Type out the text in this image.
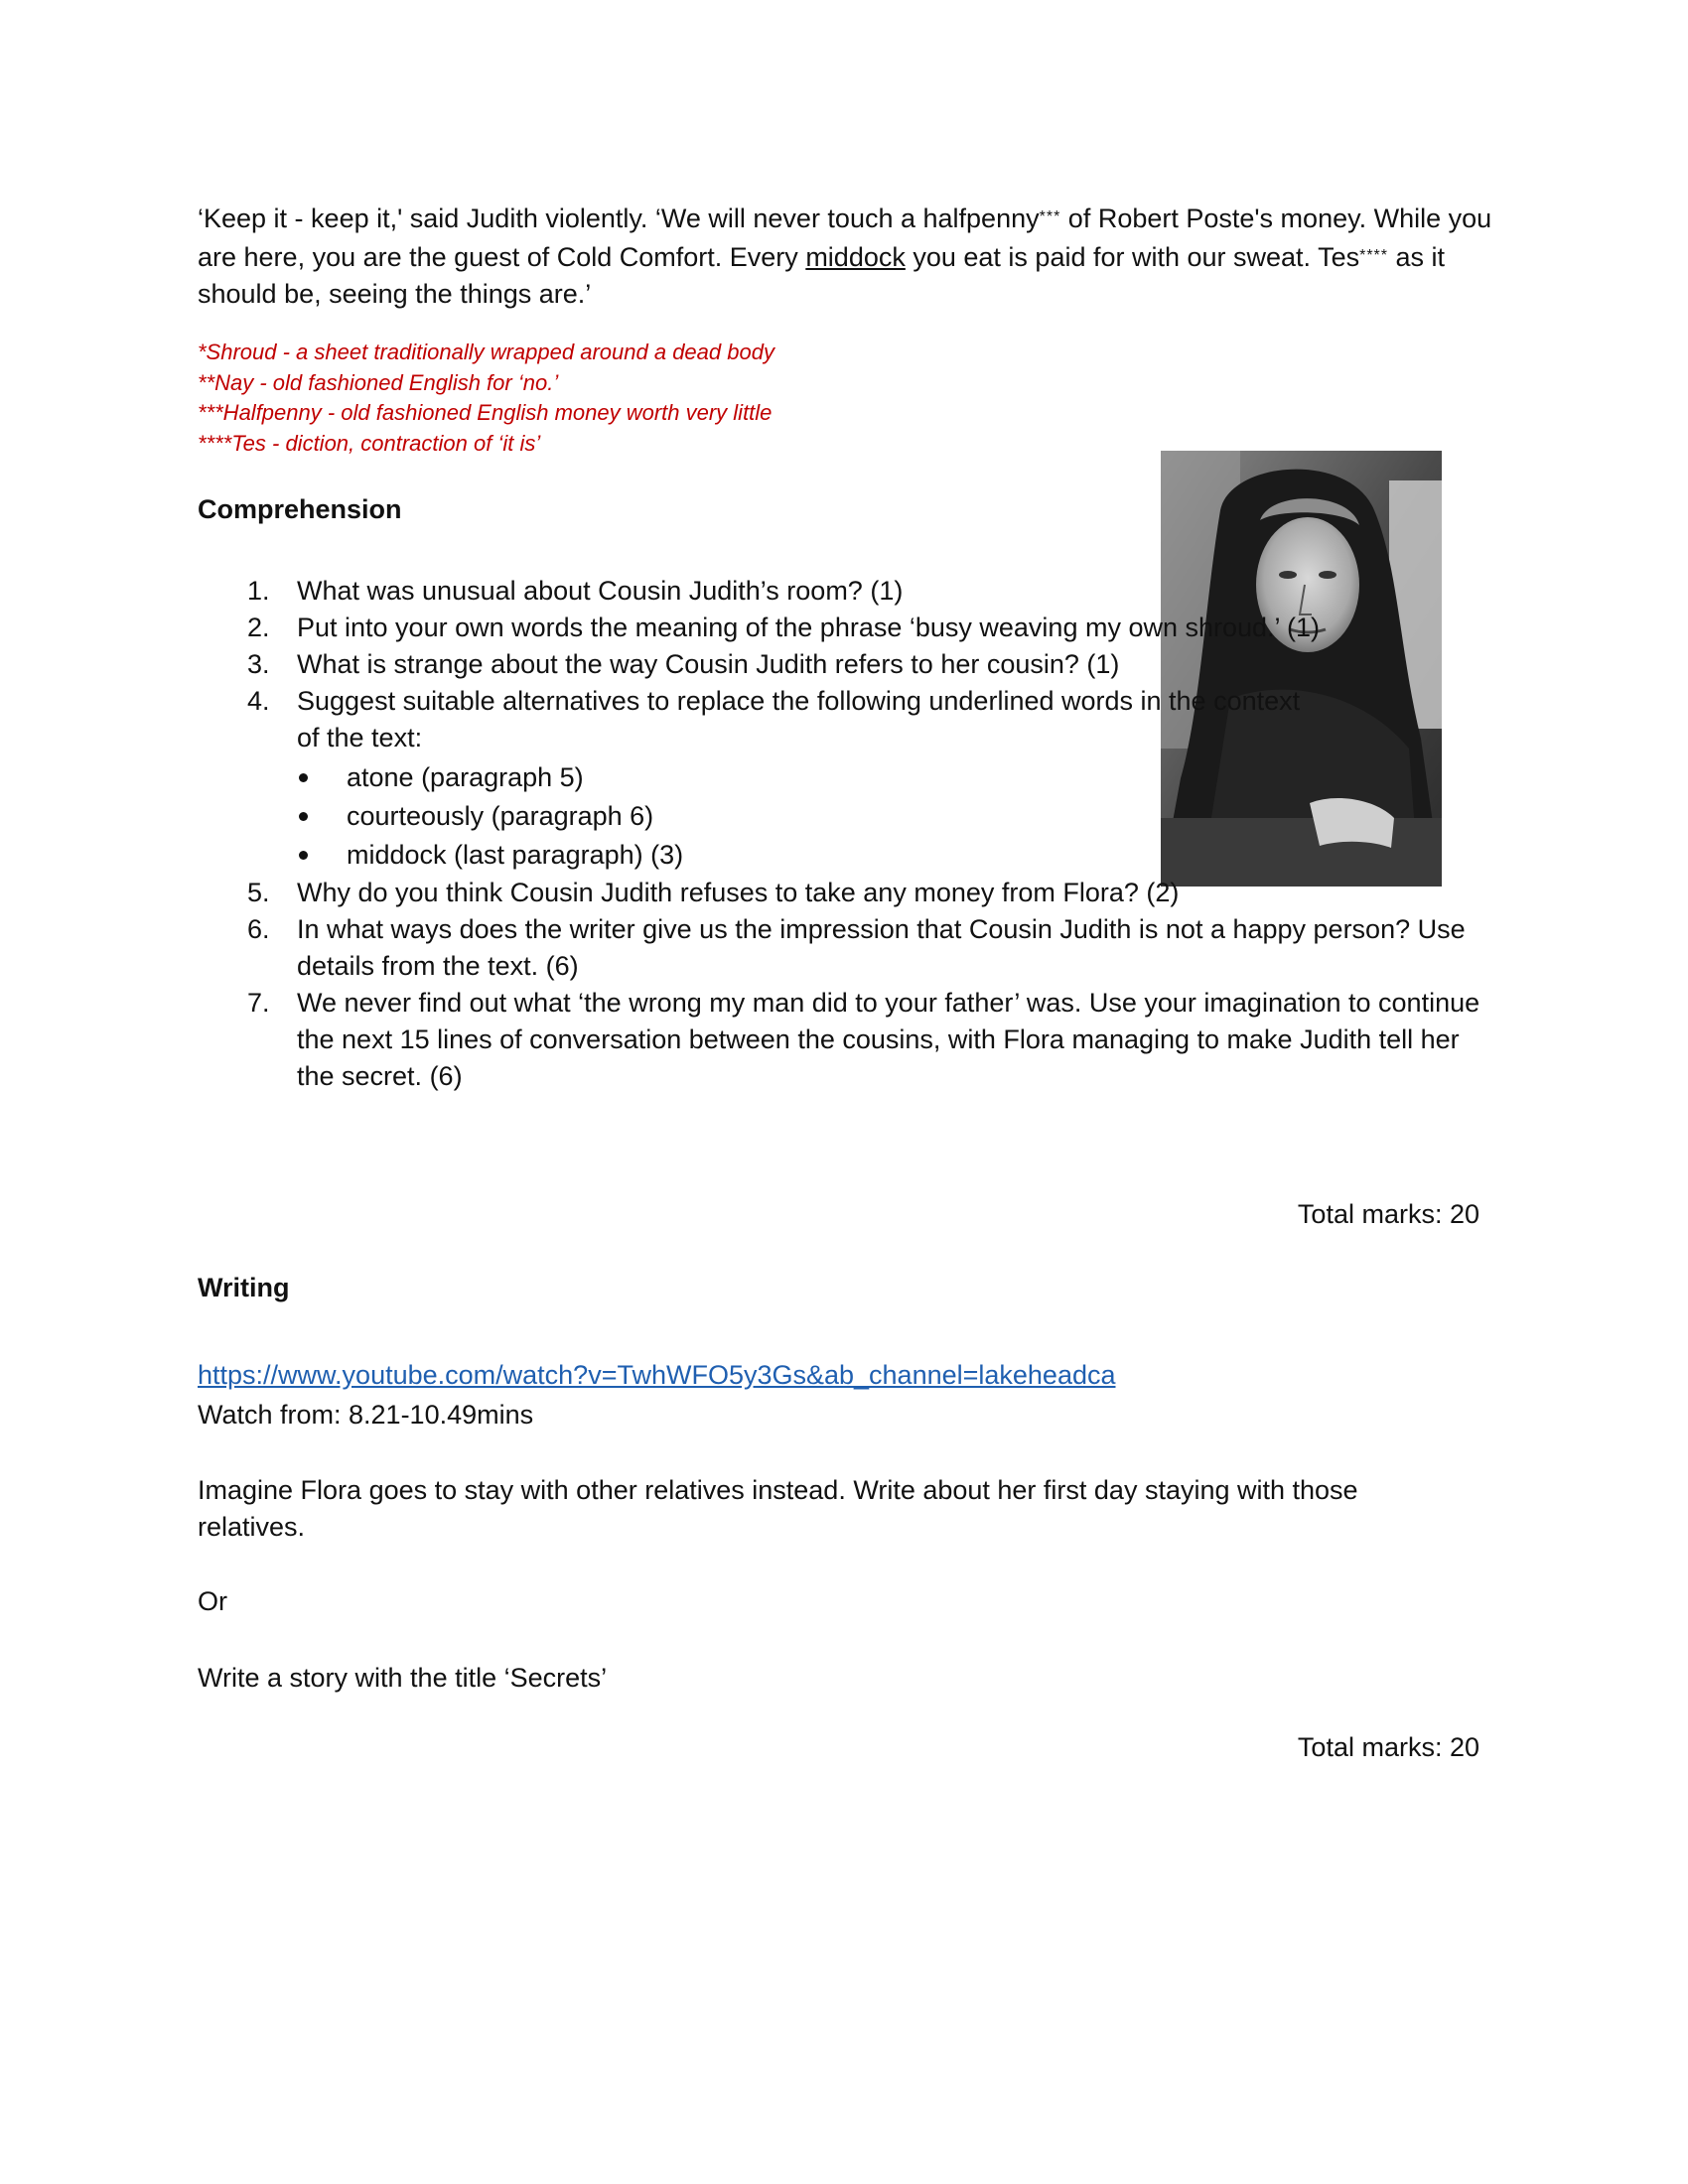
‘Keep it - keep it,' said Judith violently. ‘We will never touch a halfpenny*** of Robert Poste's money. While you are here, you are the guest of Cold Comfort. Every middock you eat is paid for with our sweat. Tes**** as it should be, seeing the things are.’

*Shroud - a sheet traditionally wrapped around a dead body
**Nay - old fashioned English for ‘no.’
***Halfpenny - old fashioned English money worth very little
****Tes - diction, contraction of ‘it is’
Comprehension
1. What was unusual about Cousin Judith’s room? (1)
2. Put into your own words the meaning of the phrase ‘busy weaving my own shroud.’ (1)
3. What is strange about the way Cousin Judith refers to her cousin? (1)
4. Suggest suitable alternatives to replace the following underlined words in the context of the text:
atone (paragraph 5)
courteously (paragraph 6)
middock (last paragraph) (3)
5. Why do you think Cousin Judith refuses to take any money from Flora? (2)
6. In what ways does the writer give us the impression that Cousin Judith is not a happy person? Use details from the text. (6)
7. We never find out what ‘the wrong my man did to your father’ was. Use your imagination to continue the next 15 lines of conversation between the cousins, with Flora managing to make Judith tell her the secret. (6)
Total marks: 20
Writing
https://www.youtube.com/watch?v=TwhWFO5y3Gs&ab_channel=lakeheadca

Watch from: 8.21-10.49mins

Imagine Flora goes to stay with other relatives instead. Write about her first day staying with those relatives.

Or

Write a story with the title ‘Secrets’

Total marks: 20
